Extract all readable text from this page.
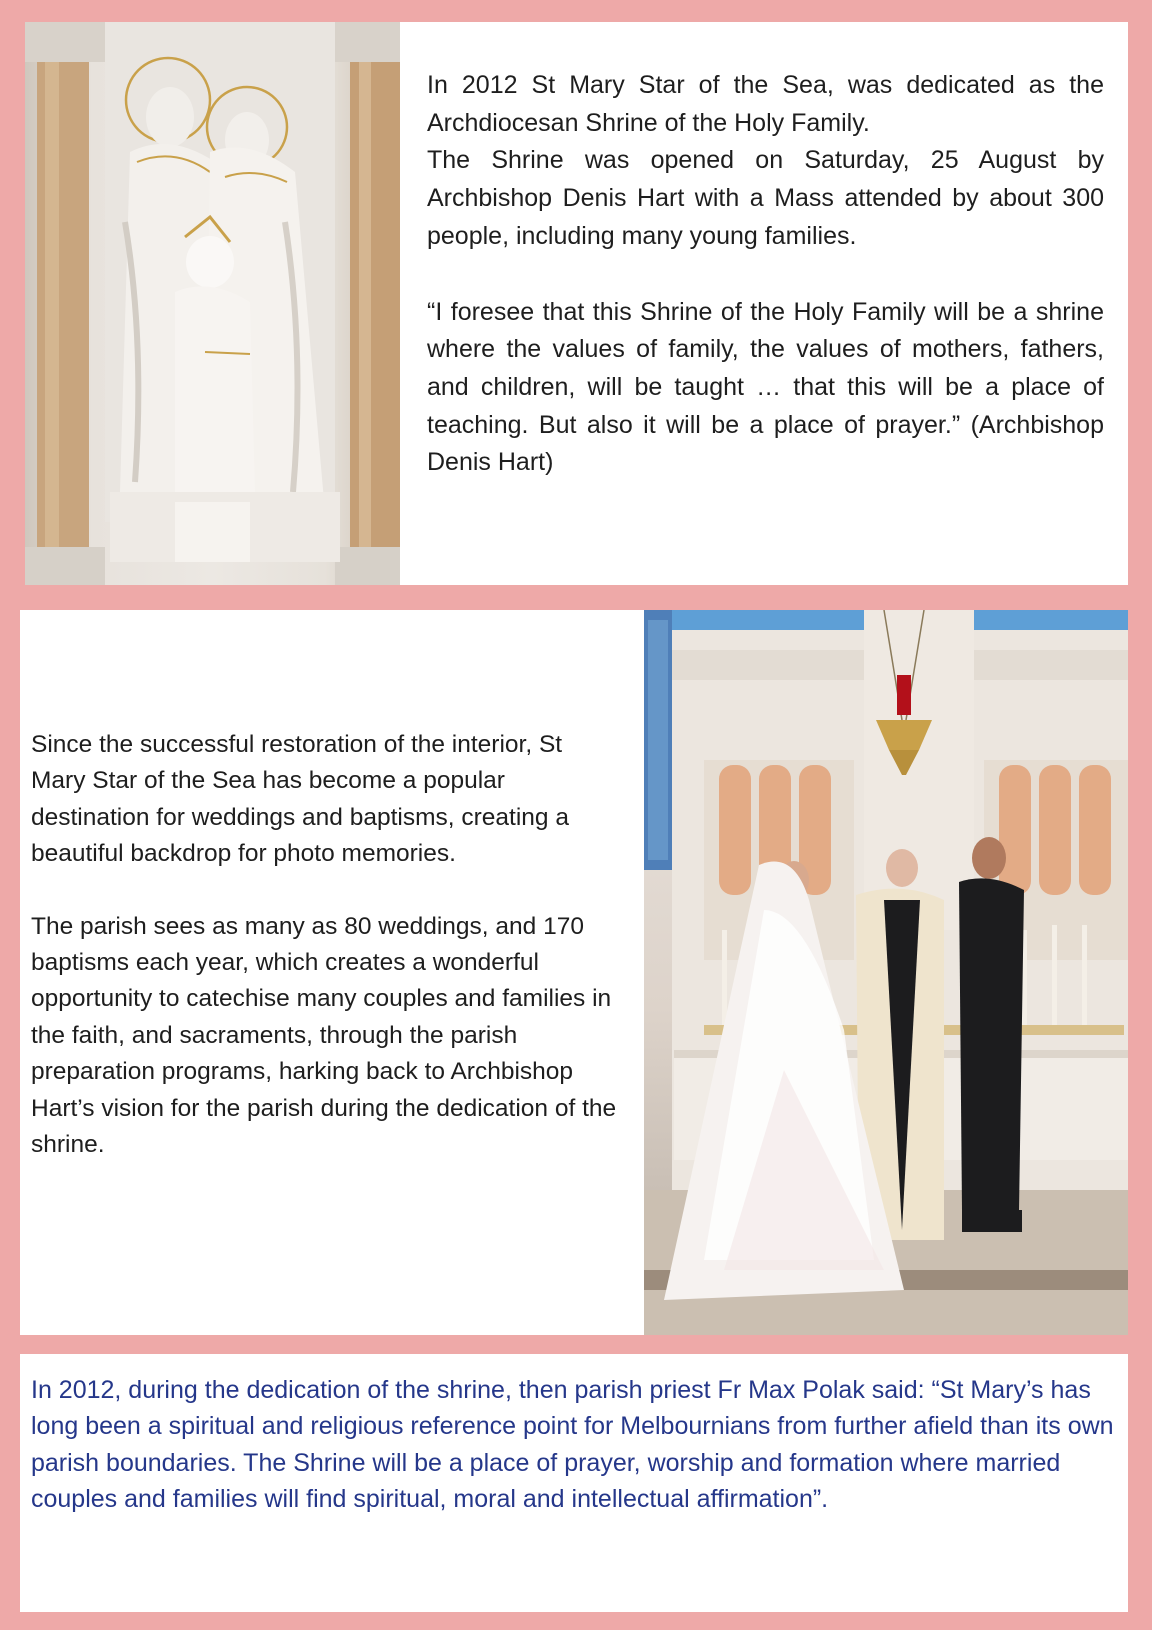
In 2012 St Mary Star of the Sea, was dedicated as the Archdiocesan Shrine of the Holy Family.

The Shrine was opened on Saturday, 25 August by Archbishop Denis Hart with a Mass attended by about 300 people, including many young families.

“I foresee that this Shrine of the Holy Family will be a shrine where the values of family, the values of mothers, fathers, and children, will be taught … that this will be a place of teaching. But also it will be a place of prayer.” (Archbishop Denis Hart)

Since the successful restoration of the interior, St Mary Star of the Sea has become a popular destination for weddings and baptisms, creating a beautiful backdrop for photo memories.

The parish sees as many as 80 weddings, and 170 baptisms each year, which creates a wonderful opportunity to catechise many couples and families in the faith, and sacraments, through the parish preparation programs, harking back to Archbishop Hart’s vision for the parish during the dedication of the shrine.

In 2012, during the dedication of the shrine, then parish priest Fr Max Polak said: “St Mary’s has long been a spiritual and religious reference point for Melbournians from further afield than its own parish boundaries. The Shrine will be a place of prayer, worship and formation where married couples and families will find spiritual, moral and intellectual affirmation”.
